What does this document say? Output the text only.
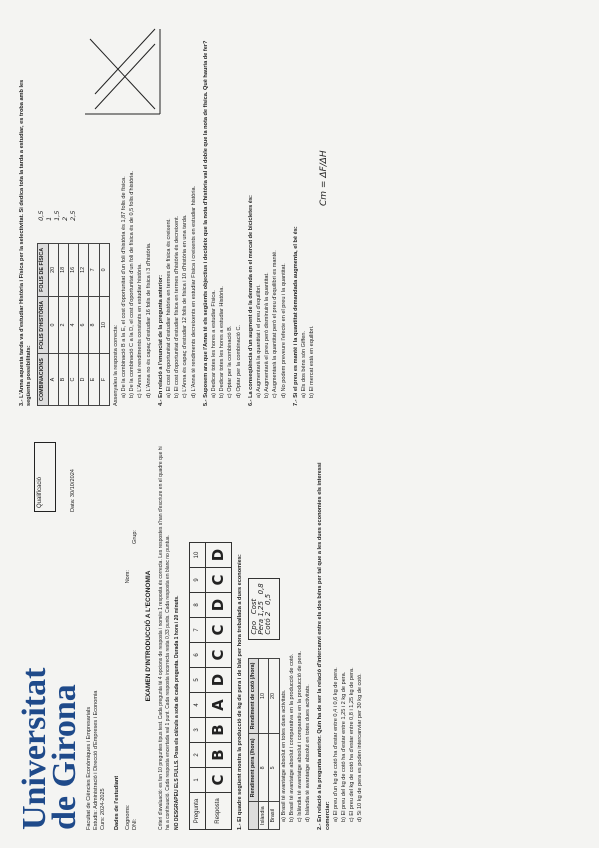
Universitat
de Girona Facultat de Ciències Econòmiques i Empresarials Estudis: Administració i Direcció d'Empreses i Economia Curs: 2024-2025
Qualificació	Data: 30/10/2024
Dades de l'estudiant Cognoms:
Nom:
DNI:
Grup:
EXAMEN D'INTRODUCCIÓ A L'ECONOMIA Criteri d'avaluació: es fan 10 preguntes tipus test. Cada pregunta té 4 opcions de resposta i només 1 resposta és correcta. Les respostes s'han d'escriure en el quadre que hi ha a continuació. Cada resposta encertada val 1 punt. Cada resposta incorrecta resta 0,33 punts. Cada resposta en blanc no puntua. NO DESGRAPEU ELS FULLS. Posa els càlculs a sota de cada pregunta. Durada 1 hora i 20 minuts. Pregunta	1	2	3	4	5	6	7	8	9	10
Resposta	C	B	B	A	D	C	C	D	C	D 1.- El quadre següent mostra la producció de kg de pera i de blat per hora treballada a dues economies:
	Rendiment pera (/hora)	Rendiment de cotó (/hora)
Islàndia	8	10
Brasil	5	20
Cpo   Cost Pera 1,25   0,8
Cotó 2   0,5
a) Brasil té avantatge absolut en totes dues activitats. b) Brasil té avantatge absolut i comparativa en la producció de cotó. c) Islàndia té avantatge absolut i comparatiu en la producció de pera. d) Islàndia té avantatge absolut en totes dues activitats. 2.- En relació a la pregunta anterior. Quin ha de ser la relació d'intercanvi entre els dos béns per tal que a les dues economies els interessi comerciar: a) El preu d'un kg de cotó ha d'estar entre 0,4 i 0,6 kg de pera. b) El preu del kg de cotó ha d'estar entre 1,25 i 2 kg de pera. c) El preu del kg de cotó ha d'estar entre 0,8 i 1,25 kg de pera. d) Si 10 kg de pera es poden intercanviar per 30 kg de cotó.
3.- L'Anna aquesta tarda va d'estudiar Història i Física per la selectivitat. Si dedica tota la tarda a estudiar, es troba amb les següents possibilitats: COMBINACIONS	FOLIS D'HISTÒRIA	FOLIS DE FÍSICA
A	0	20
B	2	18
C	4	16
D	6	12
E	8	7
F	10	0
0,5 1 1,5 2 2,5
Assenyaleu la resposta correcta: a) De la combinació B a la E, el cost d'oportunitat d'un foli d'història és 1,87 folis de física. b) De la combinació C a la D, el cost d'oportunitat d'un foli de física és de 0,5 folis d'història. c) L'Anna té rendiments constants en estudiar història. d) L'Anna no és capaç d'estudiar 16 folis de física i 3 d'història. 4.- En relació a l'enunciat de la pregunta anterior: a) El cost d'oportunitat d'estudiar història en termes de física és creixent. b) El cost d'oportunitat d'estudiar física en termes d'història és decreixent. c) L'Anna és capaç d'estudiar 12 folis de física i 10 d'història en una tarda. d) L'Anna té rendiments decreixents en estudiar Física i creixents en estudiar història. 5.- Suposem ara que l'Anna té els següents objectius i decideix que la nota d'història val el doble que la nota de física. Què hauria de fer? a) Dedicar totes les hores a estudiar Física. b) Dedicar totes les hores a estudiar Història. c) Optar per la combinació B. d) Optar per la combinació C. 6.- La conseqüència d'un augment de la demanda en el mercat de bicicletes és: a) Augmentarà la quantitat i el preu d'equilibri. b) Augmentarà el preu però disminuirà la quantitat. c) Augmentarà la quantitat però el preu d'equilibri es manté. d) No podem preveure l'efecte en el preu i la quantitat. 7.- Si el preu es manté i la quantitat demandada augmenta, el bé és: a) Els dos béns són Giffen. b) El mercat està en equilibri.
Cm = ΔF/ΔH
